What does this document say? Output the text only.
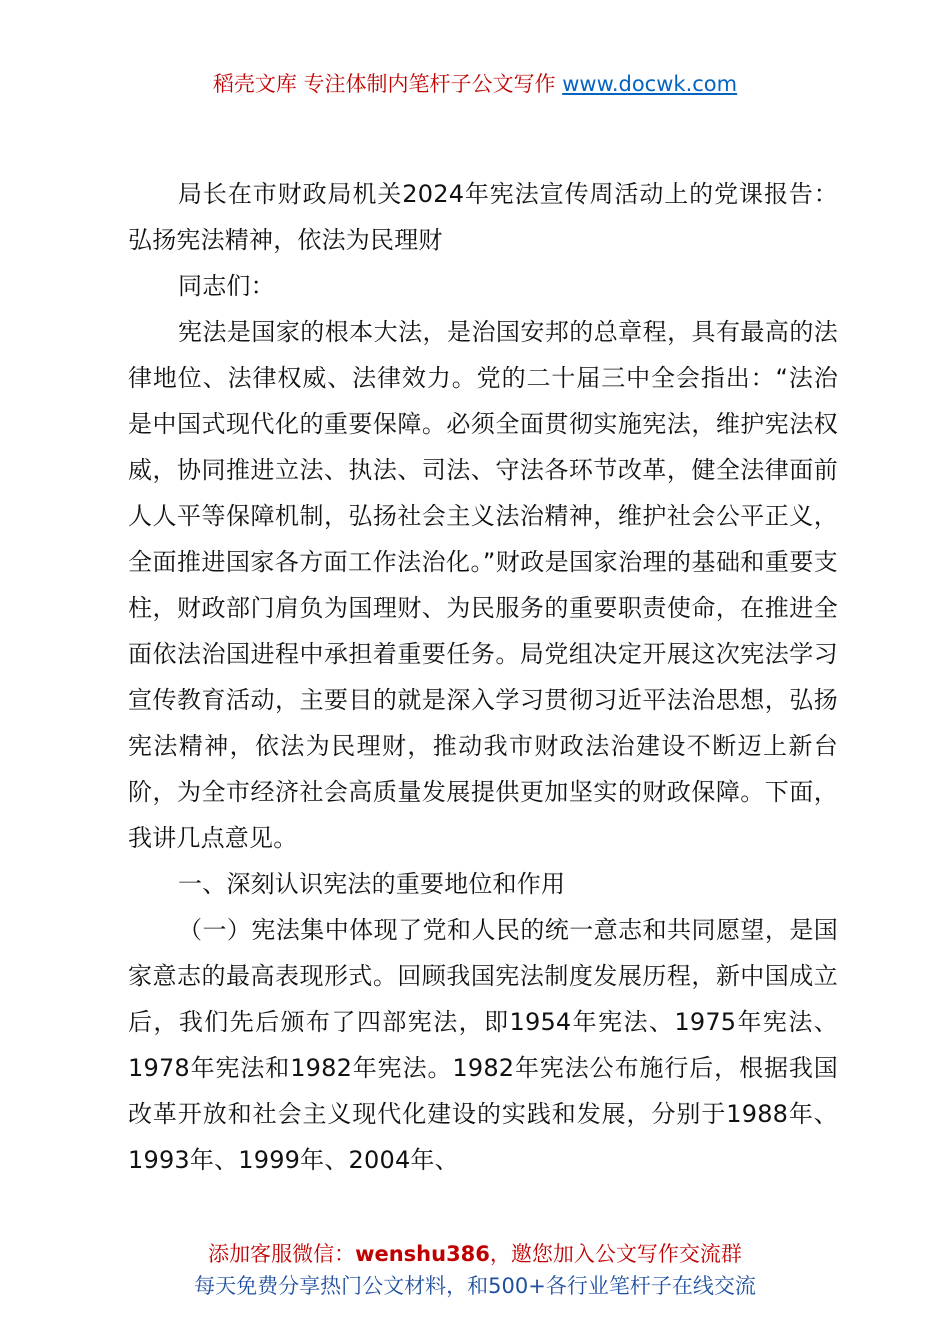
稻壳文库 专注体制内笔杆子公文写作 www.docwk.com

局长在市财政局机关2024年宪法宣传周活动上的党课报告：弘扬宪法精神，依法为民理财

同志们：

宪法是国家的根本大法，是治国安邦的总章程，具有最高的法律地位、法律权威、法律效力。党的二十届三中全会指出：“法治是中国式现代化的重要保障。必须全面贯彻实施宪法，维护宪法权威，协同推进立法、执法、司法、守法各环节改革，健全法律面前人人平等保障机制，弘扬社会主义法治精神，维护社会公平正义，全面推进国家各方面工作法治化。”财政是国家治理的基础和重要支柱，财政部门肩负为国理财、为民服务的重要职责使命，在推进全面依法治国进程中承担着重要任务。局党组决定开展这次宪法学习宣传教育活动，主要目的就是深入学习贯彻习近平法治思想，弘扬宪法精神，依法为民理财，推动我市财政法治建设不断迈上新台阶，为全市经济社会高质量发展提供更加坚实的财政保障。下面，我讲几点意见。

一、深刻认识宪法的重要地位和作用

（一）宪法集中体现了党和人民的统一意志和共同愿望，是国家意志的最高表现形式。回顾我国宪法制度发展历程，新中国成立后，我们先后颁布了四部宪法，即1954年宪法、1975年宪法、1978年宪法和1982年宪法。1982年宪法公布施行后，根据我国改革开放和社会主义现代化建设的实践和发展，分别于1988年、1993年、1999年、2004年、

添加客服微信：wenshu386，邀您加入公文写作交流群
每天免费分享热门公文材料，和500+各行业笔杆子在线交流
